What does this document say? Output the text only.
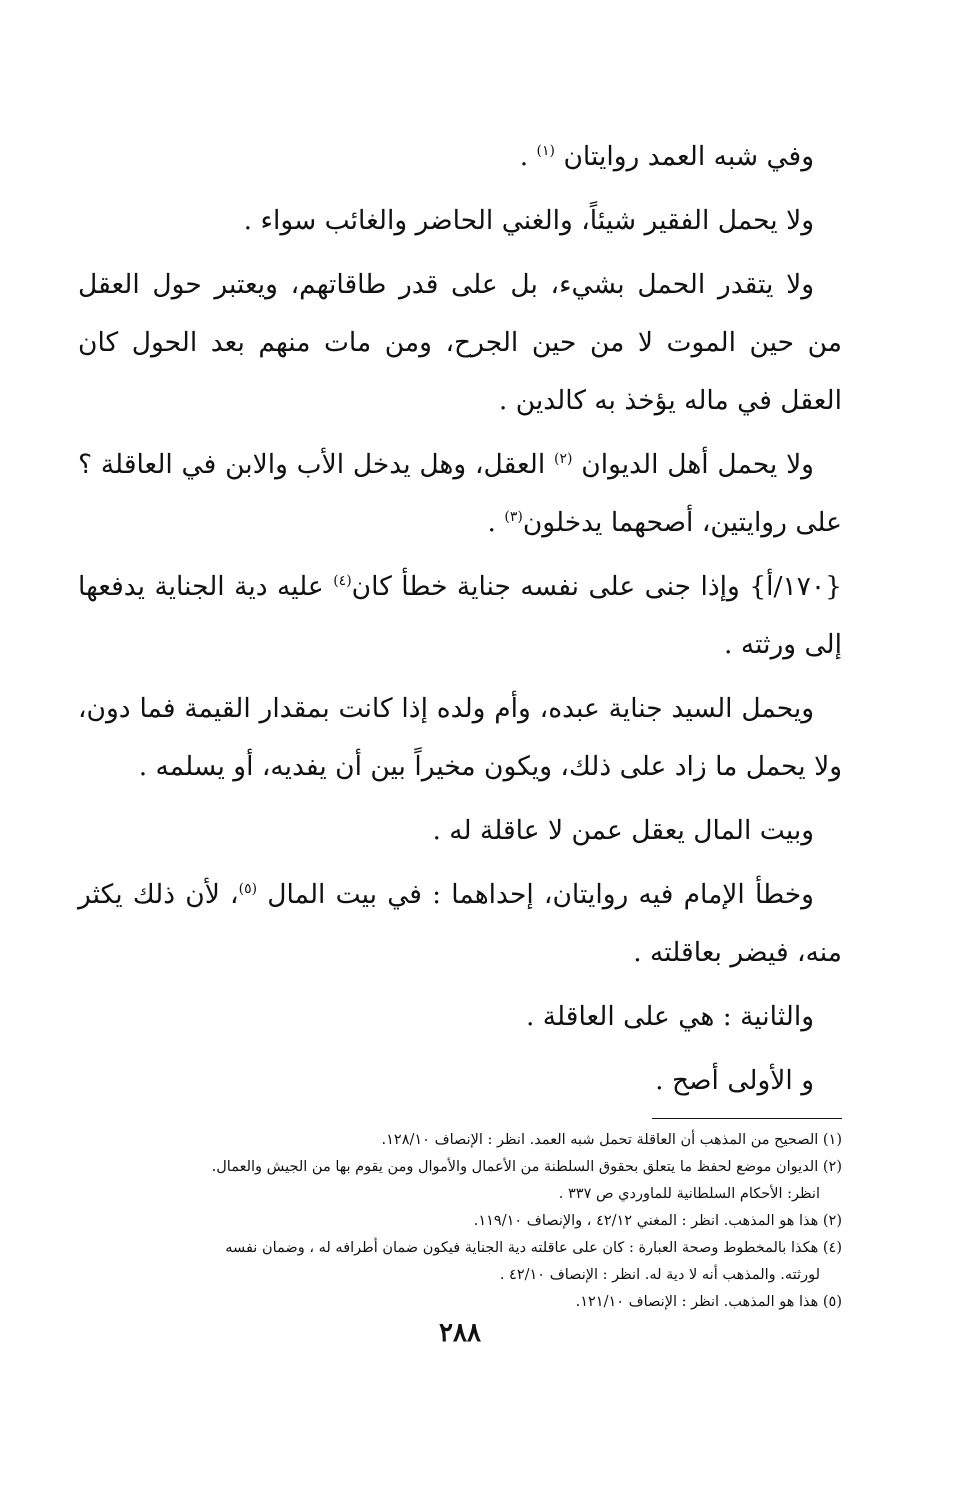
وفي شبه العمد روايتان $^{(١)}$ .

ولا يحمل الفقير شيئاً، والغني الحاضر والغائب سواء .

ولا يتقدر الحمل بشيء، بل على قدر طاقاتهم، ويعتبر حول العقل من حين الموت لا من حين الجرح، ومن مات منهم بعد الحول كان العقل في ماله يؤخذ به كالدين .

ولا يحمل أهل الديوان $^{(٢)}$ العقل، وهل يدخل الأب والابن في العاقلة ؟ على روايتين، أصحهما يدخلون$^{(٣)}$ .

{١٧٠/أ} وإذا جنى على نفسه جناية خطأ كان$^{(٤)}$ عليه دية الجناية يدفعها إلى ورثته .

ويحمل السيد جناية عبده، وأم ولده إذا كانت بمقدار القيمة فما دون، ولا يحمل ما زاد على ذلك، ويكون مخيراً بين أن يفديه، أو يسلمه .

وبيت المال يعقل عمن لا عاقلة له .

وخطأ الإمام فيه روايتان، إحداهما : في بيت المال $^{(٥)}$، لأن ذلك يكثر منه، فيضر بعاقلته .

والثانية : هي على العاقلة .

و الأولى أصح .

(١) الصحيح من المذهب أن العاقلة تحمل شبه العمد. انظر : الإنصاف ١٢٨/١٠.

(٢) الديوان موضع لحفظ ما يتعلق بحقوق السلطنة من الأعمال والأموال ومن يقوم بها من الجيش والعمال.
انظر: الأحكام السلطانية للماوردي ص ٣٣٧ .

(٢) هذا هو المذهب. انظر : المغني ٤٢/١٢ ، والإنصاف ١١٩/١٠.

(٤) هكذا بالمخطوط وصحة العبارة : كان على عاقلته دية الجناية فيكون ضمان أطرافه له ، وضمان نفسه
لورثته. والمذهب أنه لا دية له. انظر : الإنصاف ٤٢/١٠ .

(٥) هذا هو المذهب. انظر : الإنصاف ١٢١/١٠.

٢٨٨
